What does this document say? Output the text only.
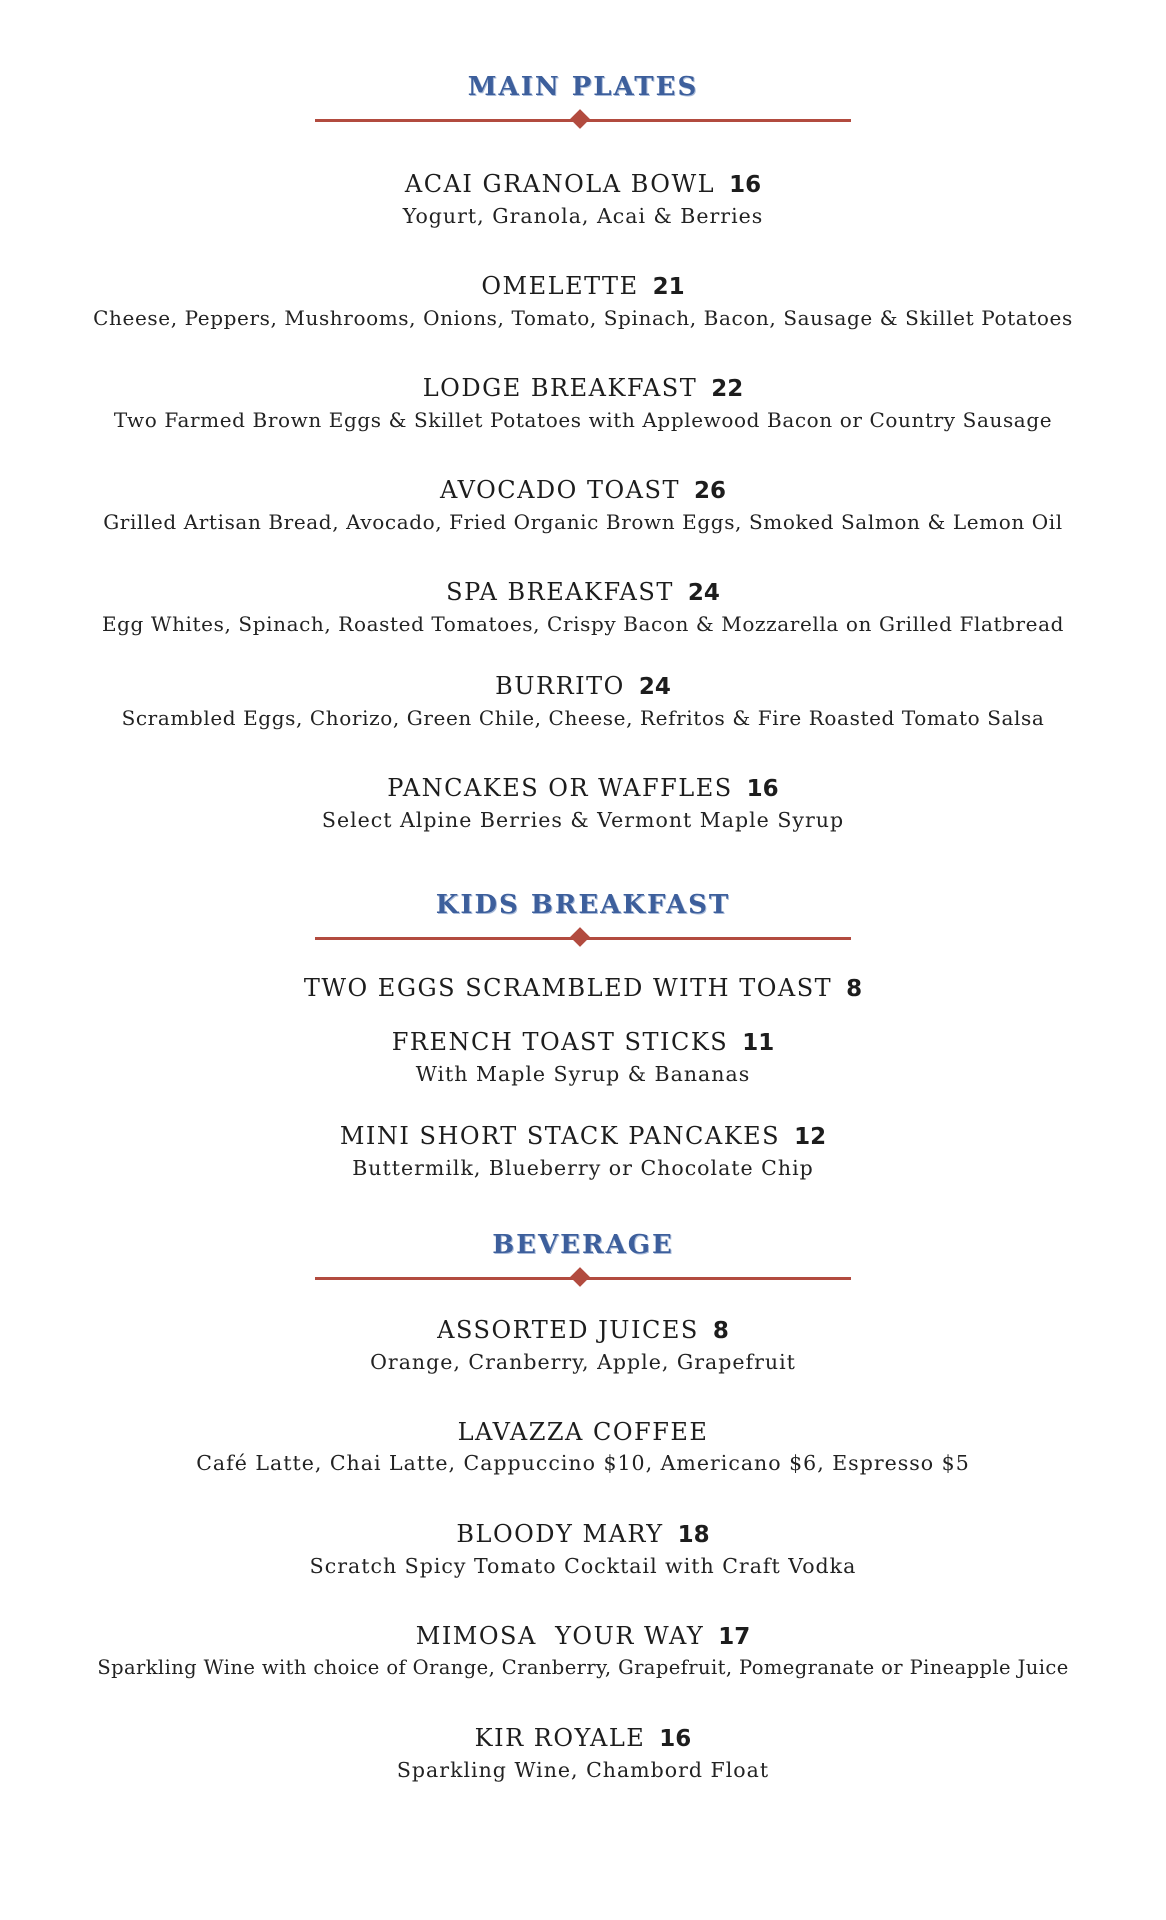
MAIN PLATES
ACAI GRANOLA BOWL 16
Yogurt, Granola, Acai & Berries
OMELETTE 21
Cheese, Peppers, Mushrooms, Onions, Tomato, Spinach, Bacon, Sausage & Skillet Potatoes
LODGE BREAKFAST 22
Two Farmed Brown Eggs & Skillet Potatoes with Applewood Bacon or Country Sausage
AVOCADO TOAST 26
Grilled Artisan Bread, Avocado, Fried Organic Brown Eggs, Smoked Salmon & Lemon Oil
SPA BREAKFAST 24
Egg Whites, Spinach, Roasted Tomatoes, Crispy Bacon & Mozzarella on Grilled Flatbread
BURRITO 24
Scrambled Eggs, Chorizo, Green Chile, Cheese, Refritos & Fire Roasted Tomato Salsa
PANCAKES OR WAFFLES 16
Select Alpine Berries & Vermont Maple Syrup
KIDS BREAKFAST
TWO EGGS SCRAMBLED WITH TOAST 8
FRENCH TOAST STICKS 11
With Maple Syrup & Bananas
MINI SHORT STACK PANCAKES 12
Buttermilk, Blueberry or Chocolate Chip
BEVERAGE
ASSORTED JUICES 8
Orange, Cranberry, Apple, Grapefruit
LAVAZZA COFFEE
Café Latte, Chai Latte, Cappuccino $10, Americano $6, Espresso $5
BLOODY MARY 18
Scratch Spicy Tomato Cocktail with Craft Vodka
MIMOSA  YOUR WAY 17
Sparkling Wine with choice of Orange, Cranberry, Grapefruit, Pomegranate or Pineapple Juice
KIR ROYALE 16
Sparkling Wine, Chambord Float
